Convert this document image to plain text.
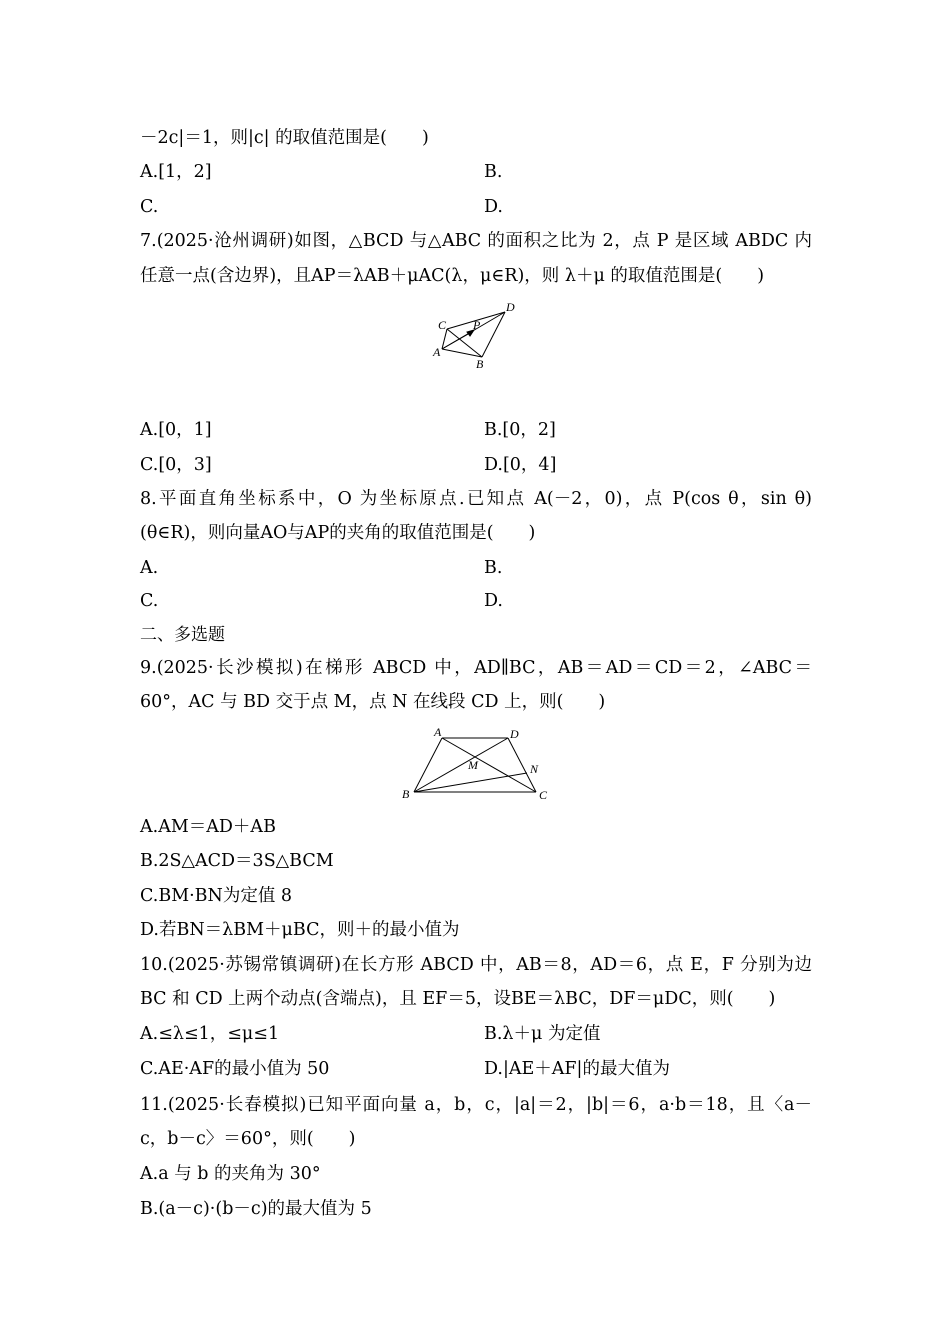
－2c|＝1，则|c| 的取值范围是(　　)
A.[1，2]	B.
C.	D.
7.(2025·沧州调研)如图，△BCD 与△ABC 的面积之比为 2，点 P 是区域 ABDC 内
任意一点(含边界)，且AP＝λAB＋μAC(λ，μ∈R)，则 λ＋μ 的取值范围是(　　)
A
C
B
D
P
A.[0，1]	B.[0，2]
C.[0，3]	D.[0，4]
8.平面直角坐标系中，O 为坐标原点.已知点 A(－2，0)，点 P(cos θ，sin θ)
(θ∈R)，则向量AO与AP的夹角的取值范围是(　　)
A.	B.
C.	D.
二、多选题
9.(2025·长沙模拟)在梯形 ABCD 中，AD∥BC，AB＝AD＝CD＝2，∠ABC＝
60°，AC 与 BD 交于点 M，点 N 在线段 CD 上，则(　　)
A	D
B	C
M	N
A.AM＝AD＋AB
B.2S△ACD＝3S△BCM
C.BM·BN为定值 8
D.若BN＝λBM＋μBC，则＋的最小值为
10.(2025·苏锡常镇调研)在长方形 ABCD 中，AB＝8，AD＝6，点 E，F 分别为边
BC 和 CD 上两个动点(含端点)，且 EF＝5，设BE＝λBC，DF＝μDC，则(　　)
A.≤λ≤1，≤μ≤1	B.λ＋μ 为定值
C.AE·AF的最小值为 50	D.|AE＋AF|的最大值为
11.(2025·长春模拟)已知平面向量 a，b，c，|a|＝2，|b|＝6，a·b＝18，且〈a－
c，b－c〉＝60°，则(　　)
A.a 与 b 的夹角为 30°
B.(a－c)·(b－c)的最大值为 5
